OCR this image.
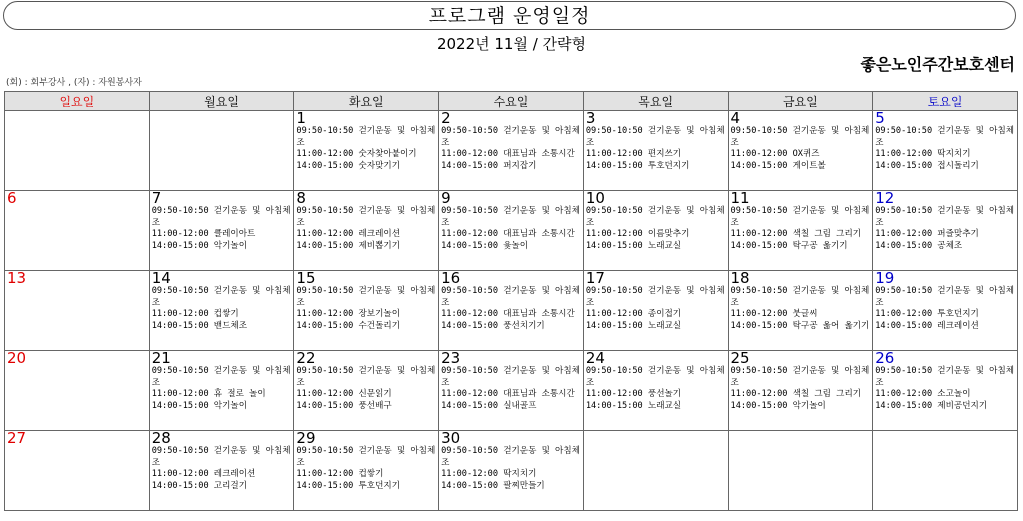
프로그램 운영일정
2022년 11월 / 간략형
좋은노인주간보호센터
(회) : 회부강사 , (자) : 자원봉사자
일요일	월요일	화요일	수요일	목요일	금요일	토요일

		1
09:50-10:50 걷기운동 및 아침체조
11:00-12:00 숫자찾아붙이기
14:00-15:00 숫자맞기기	2
09:50-10:50 걷기운동 및 아침체조
11:00-12:00 대표님과 소통시간
14:00-15:00 퍼지잡기	3
09:50-10:50 걷기운동 및 아침체조
11:00-12:00 편지쓰기
14:00-15:00 투호던지기	4
09:50-10:50 걷기운동 및 아침체조
11:00-12:00 OX퀴즈
14:00-15:00 게이트볼	5
09:50-10:50 걷기운동 및 아침체조
11:00-12:00 딱지치기
14:00-15:00 접시돌리기

6	7
09:50-10:50 걷기운동 및 아침체조
11:00-12:00 클레이아트
14:00-15:00 악기놀이	8
09:50-10:50 걷기운동 및 아침체조
11:00-12:00 레크레이션
14:00-15:00 제비뽑기기	9
09:50-10:50 걷기운동 및 아침체조
11:00-12:00 대표님과 소통시간
14:00-15:00 윷놀이	10
09:50-10:50 걷기운동 및 아침체조
11:00-12:00 이름맞추기
14:00-15:00 노래교실	11
09:50-10:50 걷기운동 및 아침체조
11:00-12:00 색칠 그림 그리기
14:00-15:00 탁구공 옮기기	12
09:50-10:50 걷기운동 및 아침체조
11:00-12:00 퍼즐맞추기
14:00-15:00 공체조

13	14
09:50-10:50 걷기운동 및 아침체조
11:00-12:00 컵쌓기
14:00-15:00 밴드체조	15
09:50-10:50 걷기운동 및 아침체조
11:00-12:00 장보기놀이
14:00-15:00 수건돌리기	16
09:50-10:50 걷기운동 및 아침체조
11:00-12:00 대표님과 소통시간
14:00-15:00 풍선치기기	17
09:50-10:50 걷기운동 및 아침체조
11:00-12:00 종이접기
14:00-15:00 노래교실	18
09:50-10:50 걷기운동 및 아침체조
11:00-12:00 붓글씨
14:00-15:00 탁구공 옮어 옮기기	19
09:50-10:50 걷기운동 및 아침체조
11:00-12:00 투호던지기
14:00-15:00 레크레이션

20	21
09:50-10:50 걷기운동 및 아침체조
11:00-12:00 휴 절로 놀이
14:00-15:00 악기놀이	22
09:50-10:50 걷기운동 및 아침체조
11:00-12:00 신문읽기
14:00-15:00 풍선배구	23
09:50-10:50 걷기운동 및 아침체조
11:00-12:00 대표님과 소통시간
14:00-15:00 실내골프	24
09:50-10:50 걷기운동 및 아침체조
11:00-12:00 풍선놀기
14:00-15:00 노래교실	25
09:50-10:50 걷기운동 및 아침체조
11:00-12:00 색칠 그림 그리기
14:00-15:00 악기놀이	26
09:50-10:50 걷기운동 및 아침체조
11:00-12:00 소고놀이
14:00-15:00 제비공던지기

27	28
09:50-10:50 걷기운동 및 아침체조
11:00-12:00 레크레이션
14:00-15:00 고리걸기	29
09:50-10:50 걷기운동 및 아침체조
11:00-12:00 컵쌓기
14:00-15:00 투호던지기	30
09:50-10:50 걷기운동 및 아침체조
11:00-12:00 딱지치기
14:00-15:00 팔찌만들기			
